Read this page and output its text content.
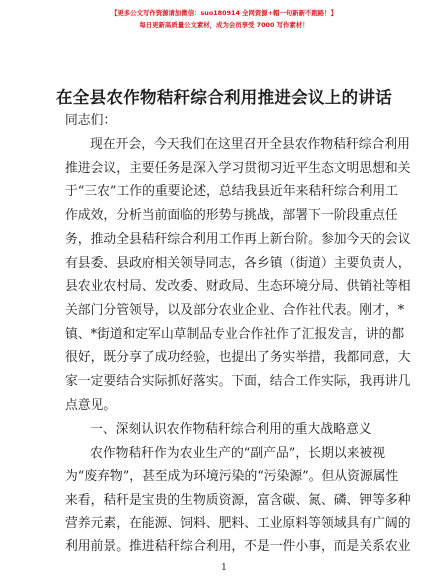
【更多公文写作资源请加微信：suo180914 全网资源+帽一句新新不跑路！】
每日更新高质量公文素材，成为会员享受 7000 写作素材！
在全县农作物秸秆综合利用推进会议上的讲话
同志们：
现在开会，今天我们在这里召开全县农作物秸秆综合利用
推进会议，主要任务是深入学习贯彻习近平生态文明思想和关
于“三农”工作的重要论述，总结我县近年来秸秆综合利用工
作成效，分析当前面临的形势与挑战，部署下一阶段重点任
务，推动全县秸秆综合利用工作再上新台阶。参加今天的会议
有县委、县政府相关领导同志，各乡镇（街道）主要负责人，
县农业农村局、发改委、财政局、生态环境分局、供销社等相
关部门分管领导，以及部分农业企业、合作社代表。刚才，*
镇、*街道和定军山草制品专业合作社作了汇报发言，讲的都
很好，既分享了成功经验，也提出了务实举措，我都同意，大
家一定要结合实际抓好落实。下面，结合工作实际，我再讲几
点意见。
一、深刻认识农作物秸秆综合利用的重大战略意义
农作物秸秆作为农业生产的“副产品”，长期以来被视
为“废弃物”，甚至成为环境污染的“污染源”。但从资源属性
来看，秸秆是宝贵的生物质资源，富含碳、氮、磷、钾等多种
营养元素，在能源、饲料、肥料、工业原料等领域具有广阔的
利用前景。推进秸秆综合利用，不是一件小事，而是关系农业
1
